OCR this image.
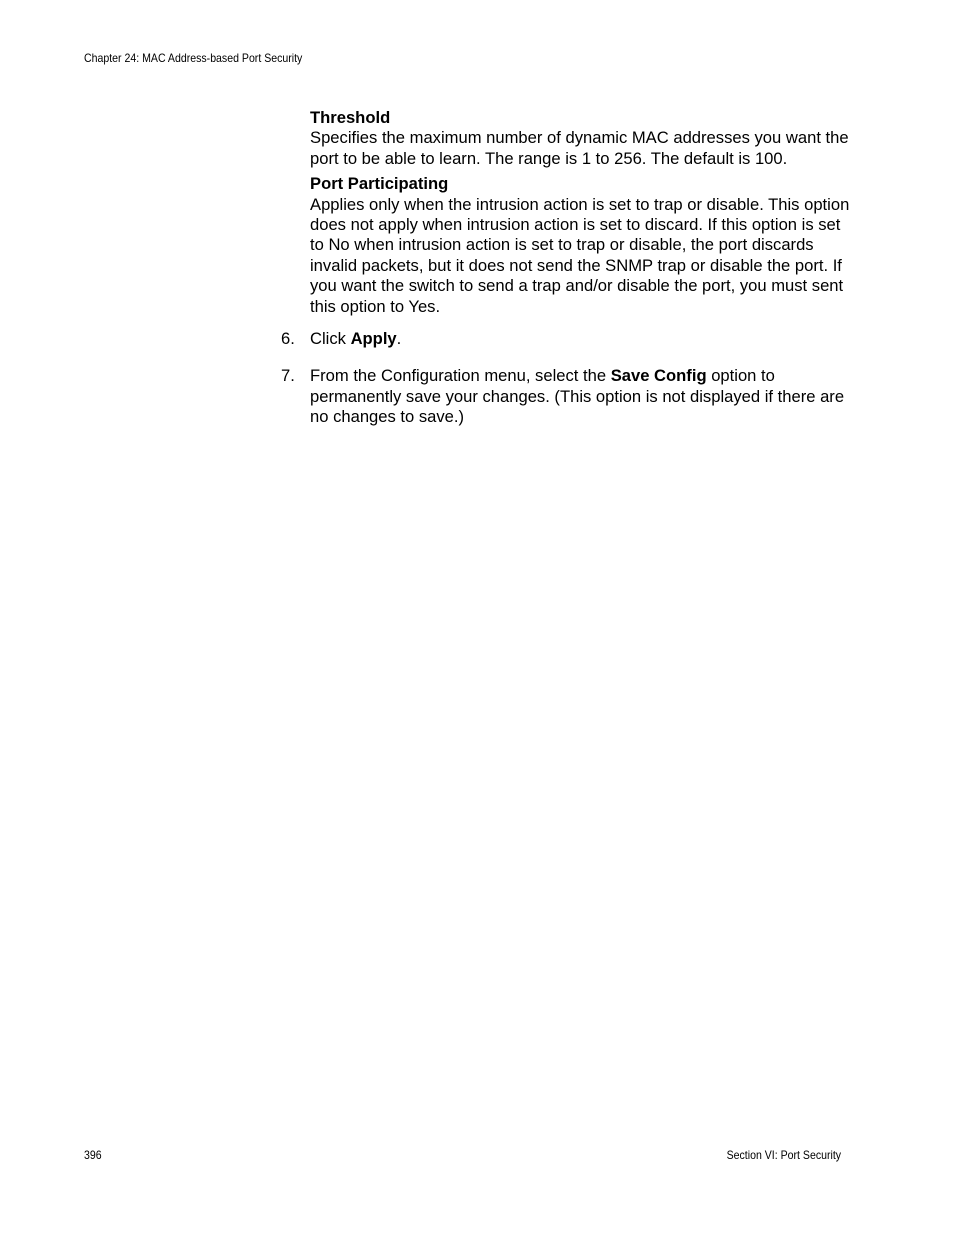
Chapter 24: MAC Address-based Port Security
Threshold

Specifies the maximum number of dynamic MAC addresses you want the port to be able to learn. The range is 1 to 256. The default is 100.

Port Participating

Applies only when the intrusion action is set to trap or disable. This option does not apply when intrusion action is set to discard. If this option is set to No when intrusion action is set to trap or disable, the port discards invalid packets, but it does not send the SNMP trap or disable the port. If you want the switch to send a trap and/or disable the port, you must sent this option to Yes.

6. Click Apply.
7. From the Configuration menu, select the Save Config option to permanently save your changes. (This option is not displayed if there are no changes to save.)
396	Section VI: Port Security
